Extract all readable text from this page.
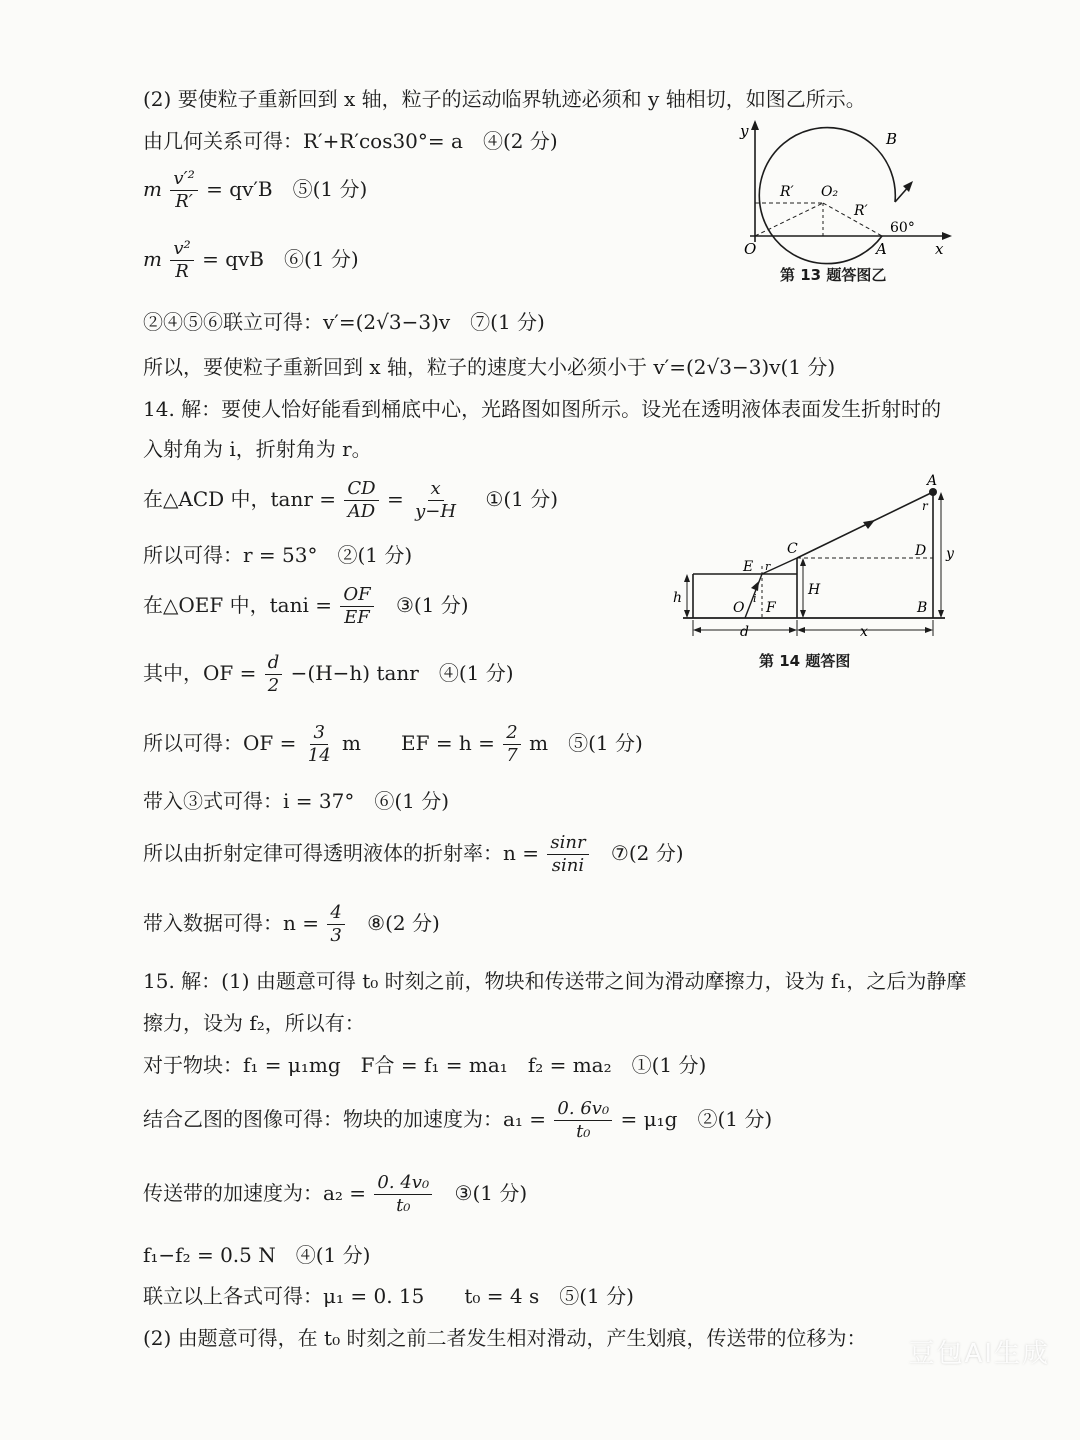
(2) 要使粒子重新回到 x 轴，粒子的运动临界轨迹必须和 y 轴相切，如图乙所示。
由几何关系可得：R′+R′cos30°= a　④(2 分)
m $\frac{\text{v′²}}{R'} = qv'B$　⑤(1 分)
m $\frac{\text{v²}}{R}$ = qvB　⑥(1 分)
②④⑤⑥联立可得：v′=(2√3−3)v　⑦(1 分)
所以，要使粒子重新回到 x 轴，粒子的速度大小必须小于 v′=(2√3−3)v(1 分)
y	B
R′ O₂
R′
60°
O	A	x
第 13 题答图乙
14. 解：要使人恰好能看到桶底中心，光路图如图所示。设光在透明液体表面发生折射时的
入射角为 i，折射角为 r。
在△ACD 中，$\tan r = \frac{CD}{AD} = \frac{x}{y-H}$ ①(1 分)
所以可得：r = 53°　②(1 分)
在△OEF 中，$\tan i = \frac{OF}{EF}$ ③(1 分)
其中，OF = $\frac{d}{2} -(H-h)$ tanr　④(1 分)
所以可得：OF = $\frac{3}{14}$ m　　EF = $h = \frac{2}{7}$ m　⑤(1 分)
带入③式可得：i = 37°　⑥(1 分)
所以由折射定律可得透明液体的折射率：$n = \frac{\sin r}{\sin i}$ ⑦(2 分)
带入数据可得：$n = \frac{4}{3}$ ⑧(2 分)
A
r
C	D y
E r
H
h
O
i
F	B
d	x
第 14 题答图
15. 解：(1) 由题意可得 t₀ 时刻之前，物块和传送带之间为滑动摩擦力，设为 f₁，之后为静摩
擦力，设为 f₂，所以有：
对于物块：f₁ = μ₁mg　F合 = f₁ = ma₁　f₂ = ma₂　①(1 分)
结合乙图的图像可得：物块的加速度为：$a_1 = \frac{\text{0. 6v₀}}{\text{t₀}} = \mu_1g$　②(1 分)
传送带的加速度为：$a_2 = \frac{\text{0. 4v₀}}{\text{t₀}}$ ③(1 分)
f₁−f₂ = 0.5 N　④(1 分)
联立以上各式可得：μ₁ = 0. 15　　t₀ = 4 s　⑤(1 分)
(2) 由题意可得，在 t₀ 时刻之前二者发生相对滑动，产生划痕，传送带的位移为：
豆包AI生成
